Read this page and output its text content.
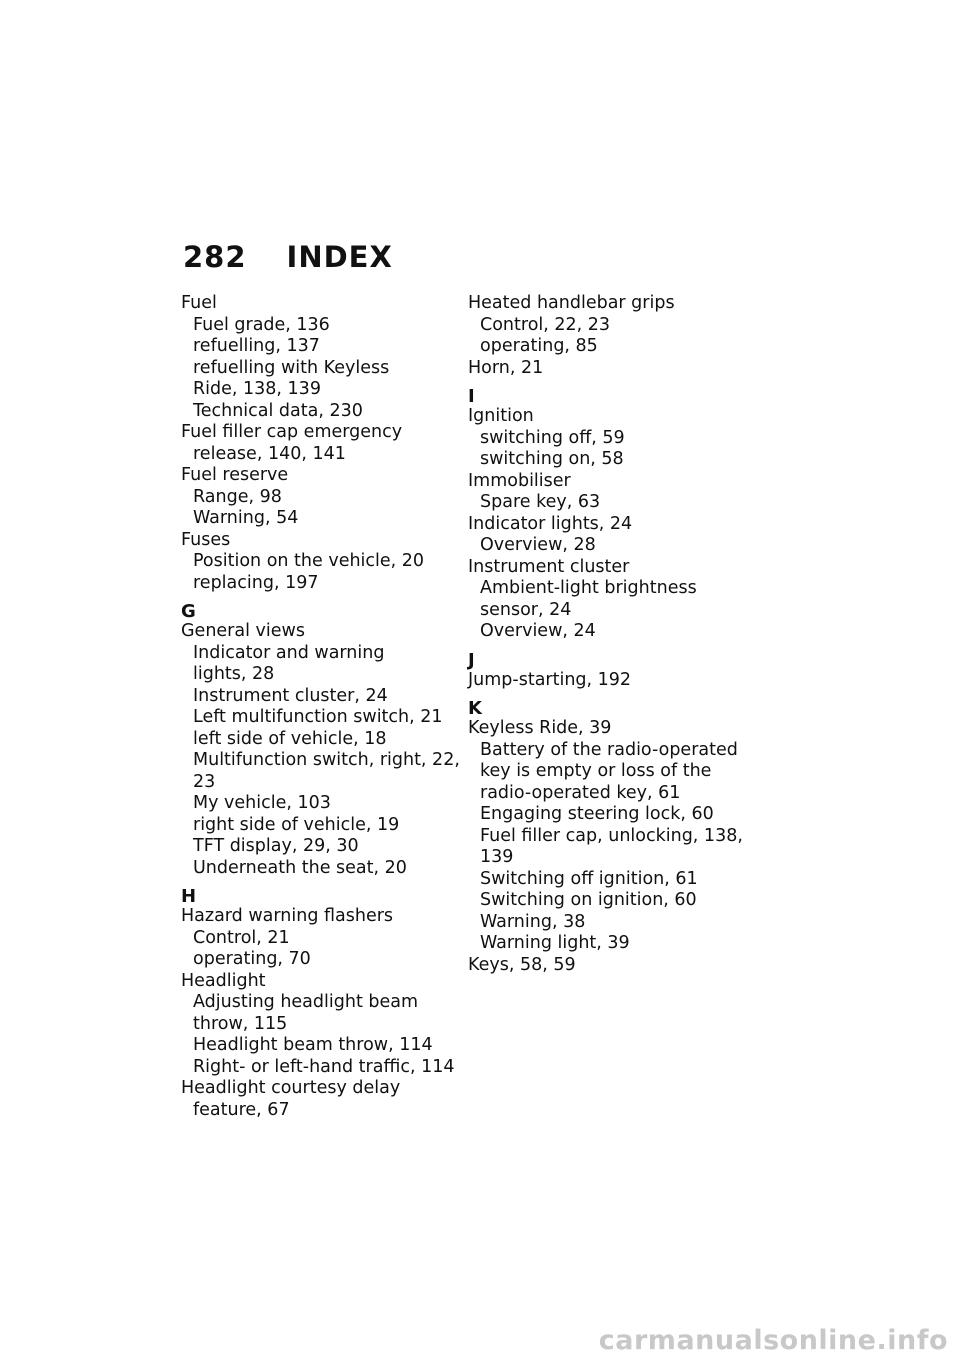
282 INDEX
Fuel
Fuel grade, 136
refuelling, 137
refuelling with Keyless
Ride, 138, 139
Technical data, 230
Fuel filler cap emergency
release, 140, 141
Fuel reserve
Range, 98
Warning, 54
Fuses
Position on the vehicle, 20
replacing, 197
G
General views
Indicator and warning
lights, 28
Instrument cluster, 24
Left multifunction switch, 21
left side of vehicle, 18
Multifunction switch, right, 22,
23
My vehicle, 103
right side of vehicle, 19
TFT display, 29, 30
Underneath the seat, 20
H
Hazard warning flashers
Control, 21
operating, 70
Headlight
Adjusting headlight beam
throw, 115
Headlight beam throw, 114
Right- or left-hand traffic, 114
Headlight courtesy delay
feature, 67
Heated handlebar grips
Control, 22, 23
operating, 85
Horn, 21
I
Ignition
switching off, 59
switching on, 58
Immobiliser
Spare key, 63
Indicator lights, 24
Overview, 28
Instrument cluster
Ambient-light brightness
sensor, 24
Overview, 24
J
Jump-starting, 192
K
Keyless Ride, 39
Battery of the radio-operated
key is empty or loss of the
radio-operated key, 61
Engaging steering lock, 60
Fuel filler cap, unlocking, 138,
139
Switching off ignition, 61
Switching on ignition, 60
Warning, 38
Warning light, 39
Keys, 58, 59
carmanualsonline.info
